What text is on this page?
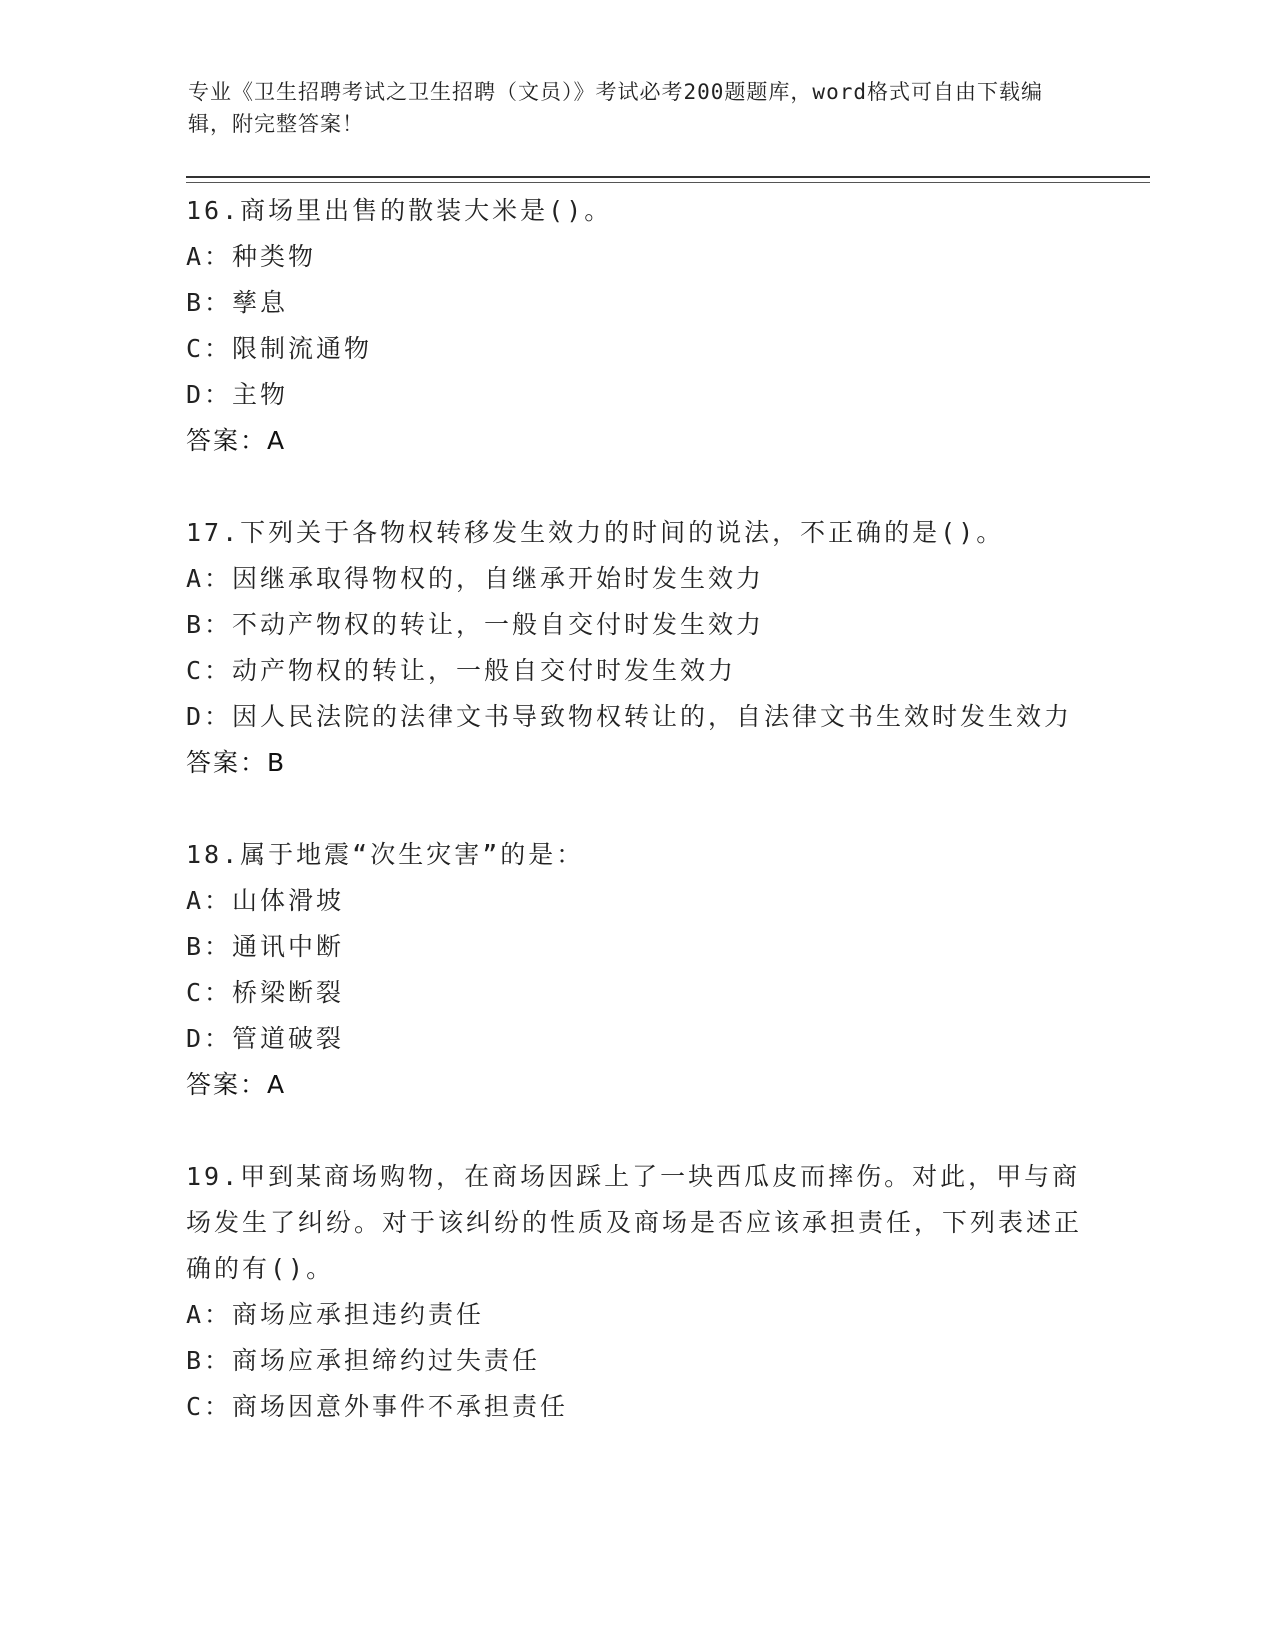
专业《卫生招聘考试之卫生招聘（文员）》考试必考200题题库，word格式可自由下载编辑，附完整答案！

16.商场里出售的散装大米是()。

A：种类物

B：孳息

C：限制流通物

D：主物

答案：A

17.下列关于各物权转移发生效力的时间的说法，不正确的是()。

A：因继承取得物权的，自继承开始时发生效力

B：不动产物权的转让，一般自交付时发生效力

C：动产物权的转让，一般自交付时发生效力

D：因人民法院的法律文书导致物权转让的，自法律文书生效时发生效力

答案：B

18.属于地震“次生灾害”的是：

A：山体滑坡

B：通讯中断

C：桥梁断裂

D：管道破裂

答案：A

19.甲到某商场购物，在商场因踩上了一块西瓜皮而摔伤。对此，甲与商场发生了纠纷。对于该纠纷的性质及商场是否应该承担责任，下列表述正确的有()。

A：商场应承担违约责任

B：商场应承担缔约过失责任

C：商场因意外事件不承担责任
